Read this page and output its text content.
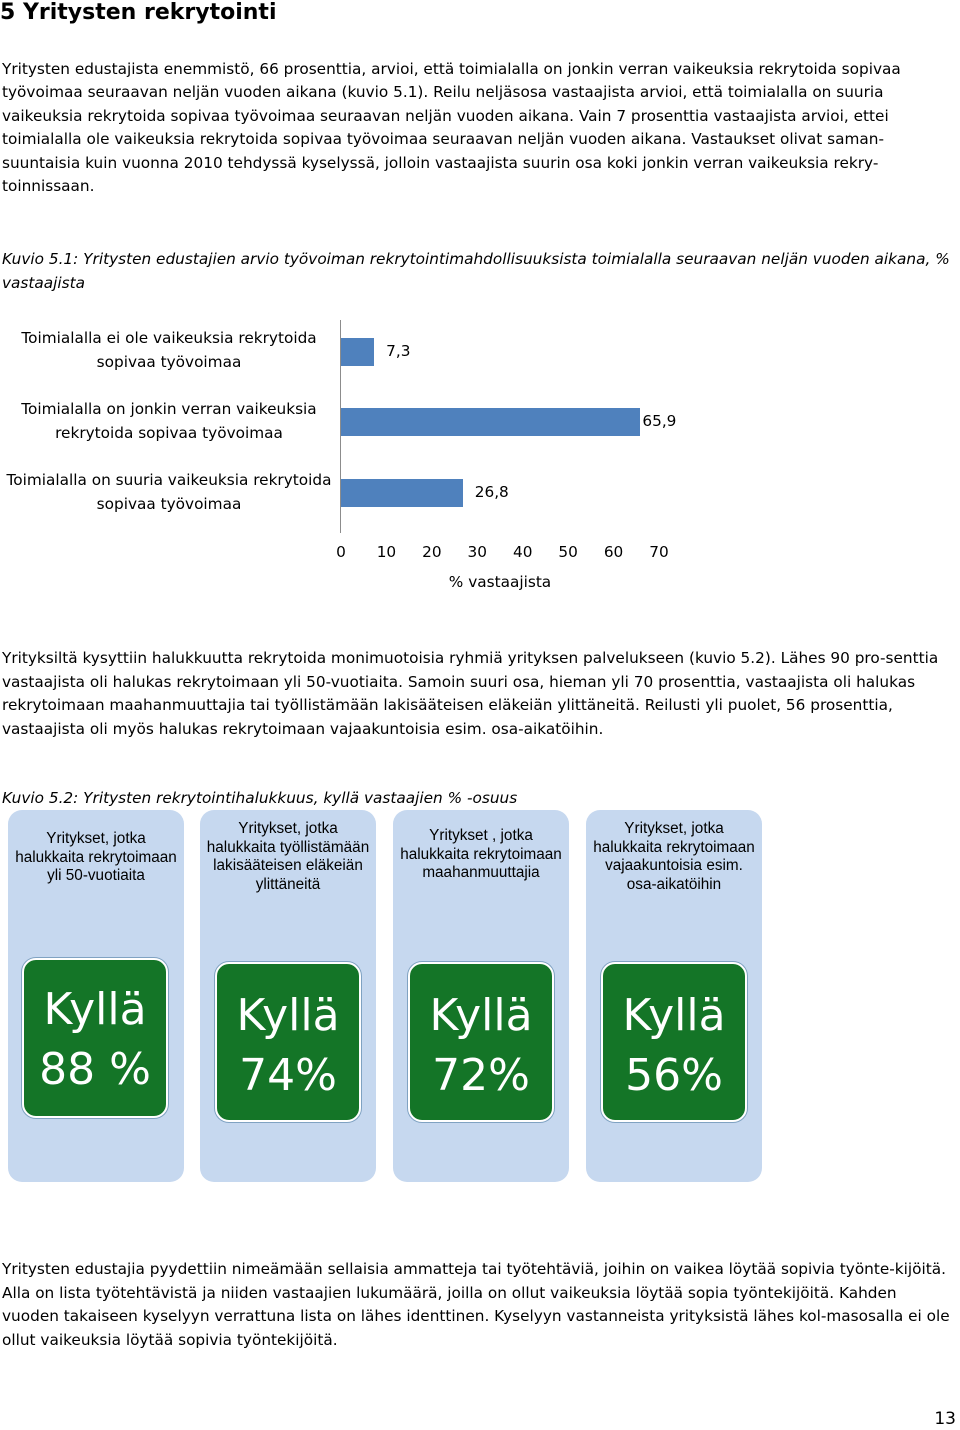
5 Yritysten rekrytointi
Yritysten edustajista enemmistö, 66 prosenttia, arvioi, että toimialalla on jonkin verran vaikeuksia rekrytoida sopivaa työvoimaa seuraavan neljän vuoden aikana (kuvio 5.1). Reilu neljäsosa vastaajista arvioi, että toimialalla on suuria vaikeuksia rekrytoida sopivaa työvoimaa seuraavan neljän vuoden aikana. Vain 7 prosenttia vastaajista arvioi, ettei toimialalla ole vaikeuksia rekrytoida sopivaa työvoimaa seuraavan neljän vuoden aikana. Vastaukset olivat saman-suuntaisia kuin vuonna 2010 tehdyssä kyselyssä, jolloin vastaajista suurin osa koki jonkin verran vaikeuksia rekry-toinnissaan.
Kuvio 5.1: Yritysten edustajien arvio työvoiman rekrytointimahdollisuuksista toimialalla seuraavan neljän vuoden aikana, % vastaajista
Toimialalla ei ole vaikeuksia rekrytoida sopivaa työvoimaa
Toimialalla on jonkin verran vaikeuksia rekrytoida sopivaa työvoimaa
Toimialalla on suuria vaikeuksia rekrytoida sopivaa työvoimaa
7,3
65,9
26,8
0 10 20 30 40 50 60 70
% vastaajista
Yrityksiltä kysyttiin halukkuutta rekrytoida monimuotoisia ryhmiä yrityksen palvelukseen (kuvio 5.2). Lähes 90 pro-senttia vastaajista oli halukas rekrytoimaan yli 50-vuotiaita. Samoin suuri osa, hieman yli 70 prosenttia, vastaajista oli halukas rekrytoimaan maahanmuuttajia tai työllistämään lakisääteisen eläkeiän ylittäneitä. Reilusti yli puolet, 56 prosenttia, vastaajista oli myös halukas rekrytoimaan vajaakuntoisia esim. osa-aikatöihin.
Kuvio 5.2: Yritysten rekrytointihalukkuus, kyllä vastaajien % -osuus
Yritykset, jotka halukkaita rekrytoimaan yli 50-vuotiaita
Yritykset, jotka halukkaita työllistämään lakisääteisen eläkeiän ylittäneitä
Yritykset , jotka halukkaita rekrytoimaan maahanmuuttajia
Yritykset, jotka halukkaita rekrytoimaan vajaakuntoisia esim. osa-aikatöihin
Kyllä
88 %
Kyllä
74%
Kyllä
72%
Kyllä
56%
Yritysten edustajia pyydettiin nimeämään sellaisia ammatteja tai työtehtäviä, joihin on vaikea löytää sopivia työnte-kijöitä. Alla on lista työtehtävistä ja niiden vastaajien lukumäärä, joilla on ollut vaikeuksia löytää sopia työntekijöitä. Kahden vuoden takaiseen kyselyyn verrattuna lista on lähes identtinen. Kyselyyn vastanneista yrityksistä lähes kol-masosalla ei ole ollut vaikeuksia löytää sopivia työntekijöitä.
13
